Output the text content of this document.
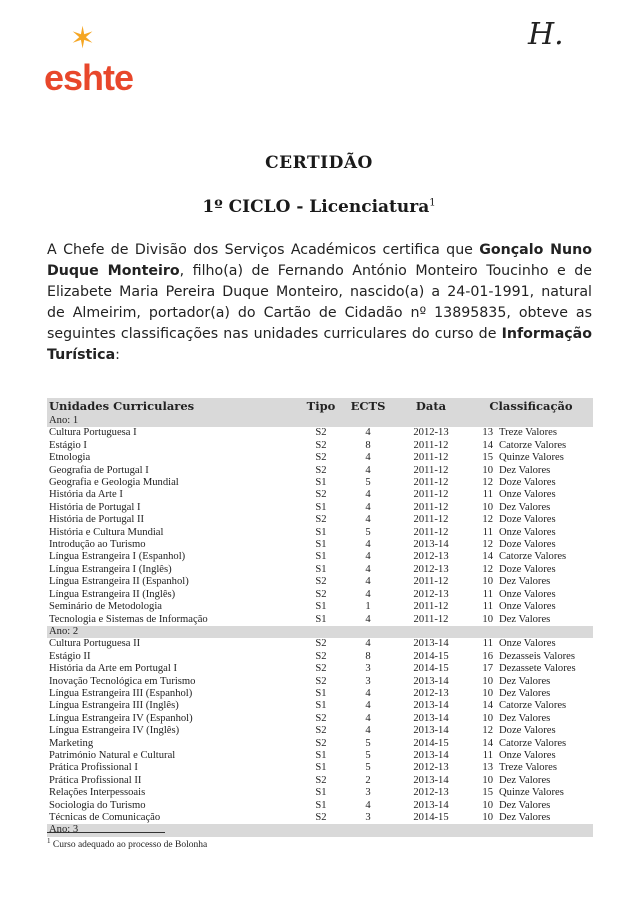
✶
eshte
H.
CERTIDÃO
1º CICLO - Licenciatura$^1$
A Chefe de Divisão dos Serviços Académicos certifica que Gonçalo Nuno Duque Monteiro, filho(a) de Fernando António Monteiro Toucinho e de Elizabete Maria Pereira Duque Monteiro, nascido(a) a 24-01-1991, natural de Almeirim, portador(a) do Cartão de Cidadão nº 13895835, obteve as seguintes classificações nas unidades curriculares do curso de Informação Turística:
Unidades Curriculares	Tipo	ECTS	Data	Classificação	
Ano: 1					
Cultura Portuguesa I	S2	4	2012-13	13	Treze Valores
Estágio I	S2	8	2011-12	14	Catorze Valores
Etnologia	S2	4	2011-12	15	Quinze Valores
Geografia de Portugal I	S2	4	2011-12	10	Dez Valores
Geografia e Geologia Mundial	S1	5	2011-12	12	Doze Valores
História da Arte I	S2	4	2011-12	11	Onze Valores
História de Portugal I	S1	4	2011-12	10	Dez Valores
História de Portugal II	S2	4	2011-12	12	Doze Valores
História e Cultura Mundial	S1	5	2011-12	11	Onze Valores
Introdução ao Turismo	S1	4	2013-14	12	Doze Valores
Língua Estrangeira I (Espanhol)	S1	4	2012-13	14	Catorze Valores
Língua Estrangeira I (Inglês)	S1	4	2012-13	12	Doze Valores
Língua Estrangeira II (Espanhol)	S2	4	2011-12	10	Dez Valores
Língua Estrangeira II (Inglês)	S2	4	2012-13	11	Onze Valores
Seminário de Metodologia	S1	1	2011-12	11	Onze Valores
Tecnologia e Sistemas de Informação	S1	4	2011-12	10	Dez Valores
Ano: 2					
Cultura Portuguesa II	S2	4	2013-14	11	Onze Valores
Estágio II	S2	8	2014-15	16	Dezasseis Valores
História da Arte em Portugal I	S2	3	2014-15	17	Dezassete Valores
Inovação Tecnológica em Turismo	S2	3	2013-14	10	Dez Valores
Língua Estrangeira III (Espanhol)	S1	4	2012-13	10	Dez Valores
Língua Estrangeira III (Inglês)	S1	4	2013-14	14	Catorze Valores
Língua Estrangeira IV (Espanhol)	S2	4	2013-14	10	Dez Valores
Língua Estrangeira IV (Inglês)	S2	4	2013-14	12	Doze Valores
Marketing	S2	5	2014-15	14	Catorze Valores
Património Natural e Cultural	S1	5	2013-14	11	Onze Valores
Prática Profissional I	S1	5	2012-13	13	Treze Valores
Prática Profissional II	S2	2	2013-14	10	Dez Valores
Relações Interpessoais	S1	3	2012-13	15	Quinze Valores
Sociologia do Turismo	S1	4	2013-14	10	Dez Valores
Técnicas de Comunicação	S2	3	2014-15	10	Dez Valores
Ano: 3					
$^1$ Curso adequado ao processo de Bolonha
